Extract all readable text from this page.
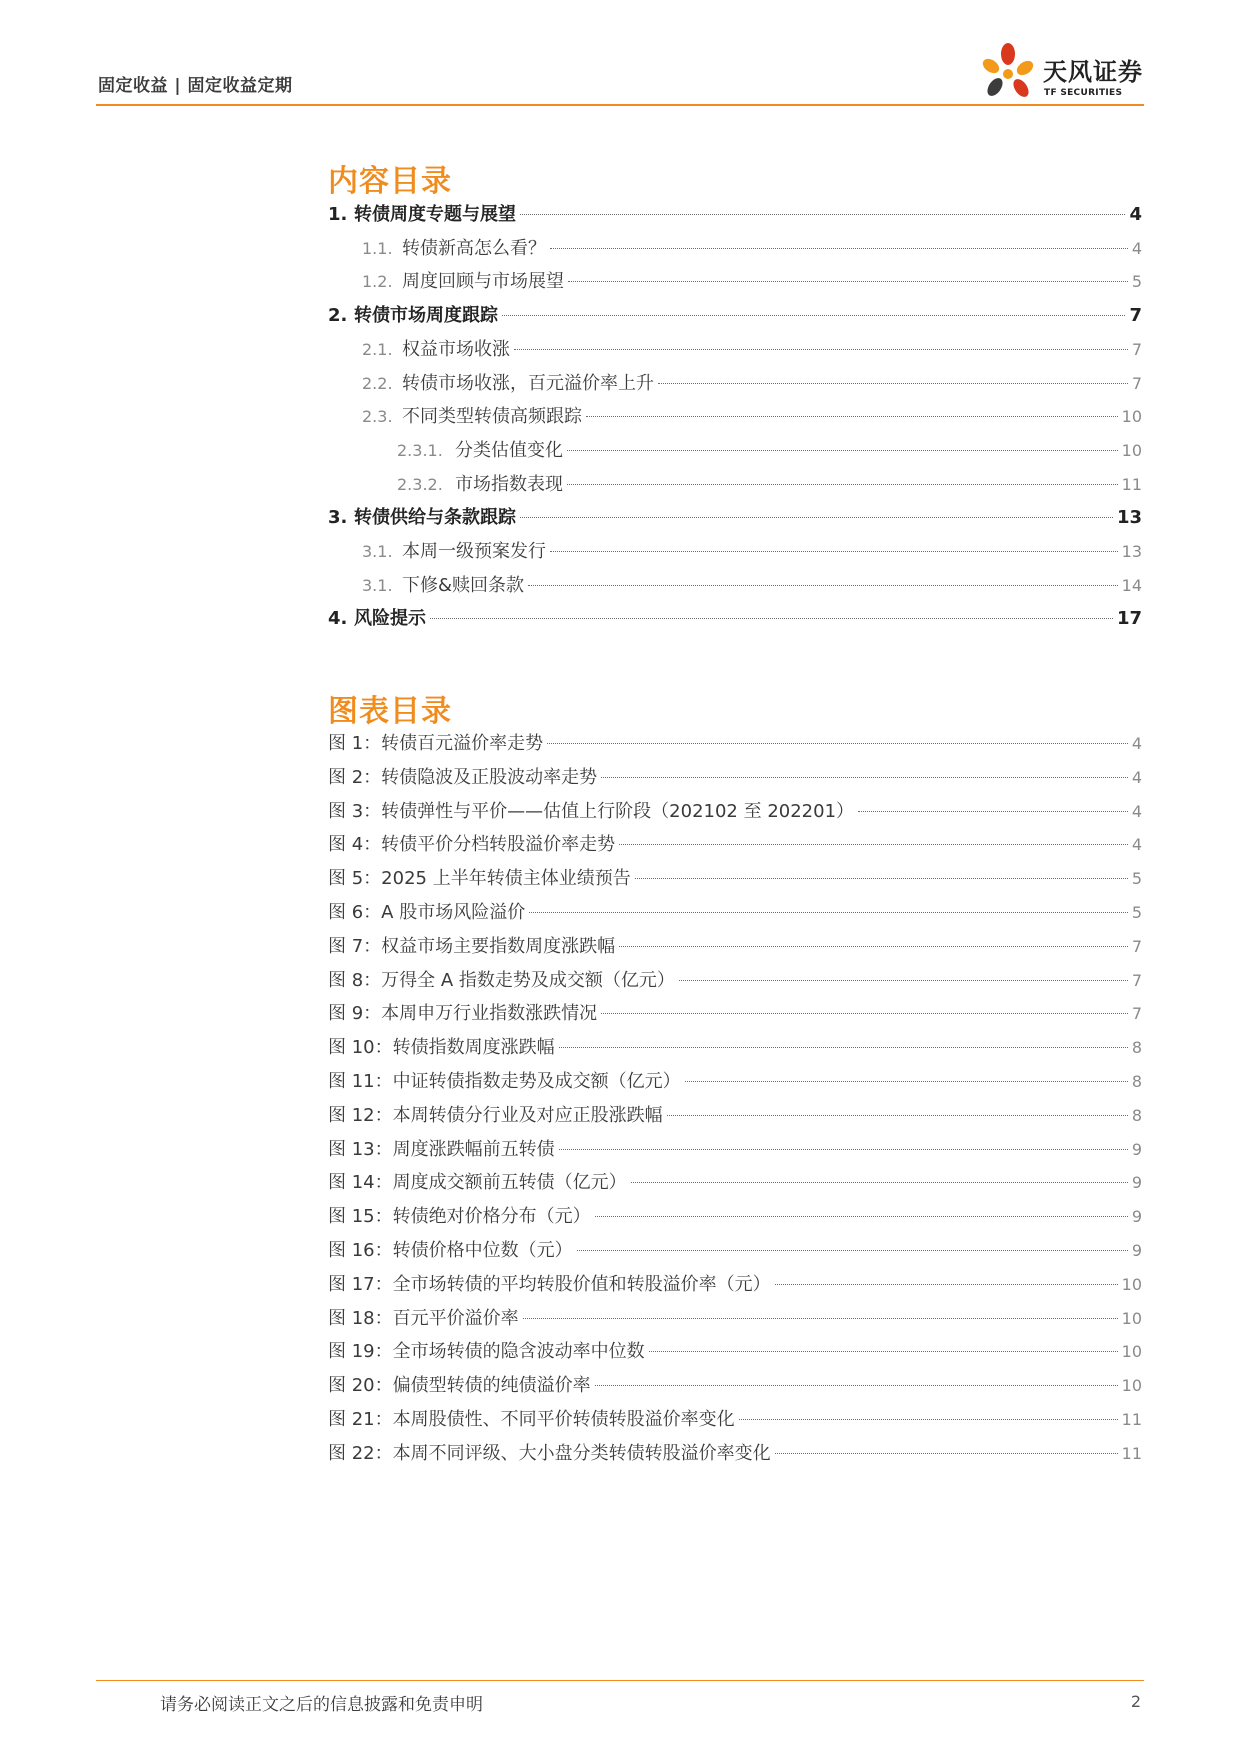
固定收益 | 固定收益定期	天风证券
TF SECURITIES
内容目录
1. 转债周度专题与展望	4
1.1. 转债新高怎么看？	4
1.2. 周度回顾与市场展望	5
2. 转债市场周度跟踪	7
2.1. 权益市场收涨	7
2.2. 转债市场收涨，百元溢价率上升	7
2.3. 不同类型转债高频跟踪	10
2.3.1. 分类估值变化	10
2.3.2. 市场指数表现	11
3. 转债供给与条款跟踪	13
3.1. 本周一级预案发行	13
3.1. 下修&赎回条款	14
4. 风险提示	17
图表目录
图 1：转债百元溢价率走势	4
图 2：转债隐波及正股波动率走势	4
图 3：转债弹性与平价——估值上行阶段（202102 至 202201）	4
图 4：转债平价分档转股溢价率走势	4
图 5：2025 上半年转债主体业绩预告	5
图 6：A 股市场风险溢价	5
图 7：权益市场主要指数周度涨跌幅	7
图 8：万得全 A 指数走势及成交额（亿元）	7
图 9：本周申万行业指数涨跌情况	7
图 10：转债指数周度涨跌幅	8
图 11：中证转债指数走势及成交额（亿元）	8
图 12：本周转债分行业及对应正股涨跌幅	8
图 13：周度涨跌幅前五转债	9
图 14：周度成交额前五转债（亿元）	9
图 15：转债绝对价格分布（元）	9
图 16：转债价格中位数（元）	9
图 17：全市场转债的平均转股价值和转股溢价率（元）	10
图 18：百元平价溢价率	10
图 19：全市场转债的隐含波动率中位数	10
图 20：偏债型转债的纯债溢价率	10
图 21：本周股债性、不同平价转债转股溢价率变化	11
图 22：本周不同评级、大小盘分类转债转股溢价率变化	11
请务必阅读正文之后的信息披露和免责申明	2
